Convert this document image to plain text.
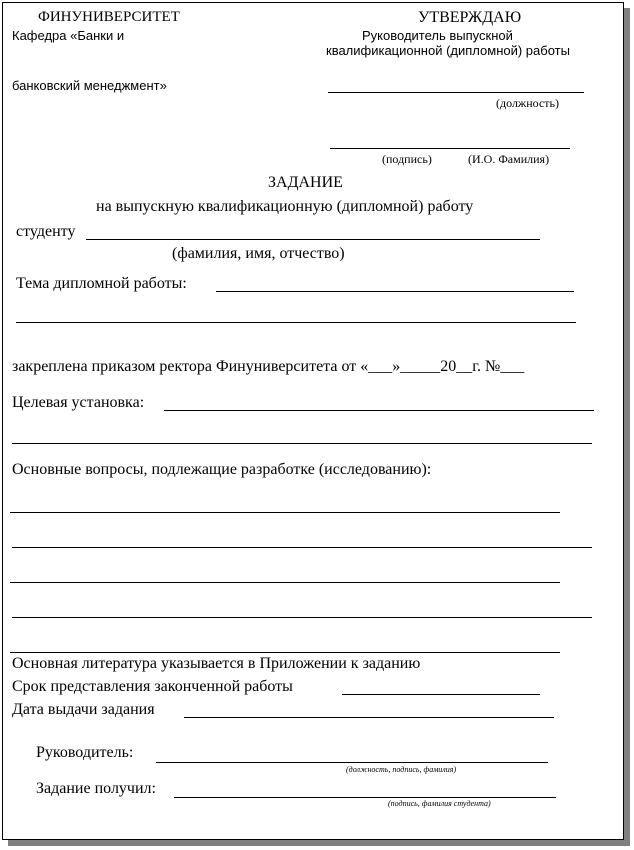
ФИНУНИВЕРСИТЕТ
Кафедра «Банки и
банковский менеджмент»
УТВЕРЖДАЮ
Руководитель выпускной
квалификационной (дипломной) работы
(должность)
(подпись)	(И.О. Фамилия)
ЗАДАНИЕ
на выпускную квалификационную (дипломной) работу
студенту
(фамилия, имя, отчество)
Тема дипломной работы:
закреплена приказом ректора Финуниверситета от «___»_____20__г. №___
Целевая установка:
Основные вопросы, подлежащие разработке (исследованию):
Основная литература указывается в Приложении к заданию
Срок представления законченной работы
Дата выдачи задания
Руководитель:
(должность, подпись, фамилия)
Задание получил:
(подпись, фамилия студента)
